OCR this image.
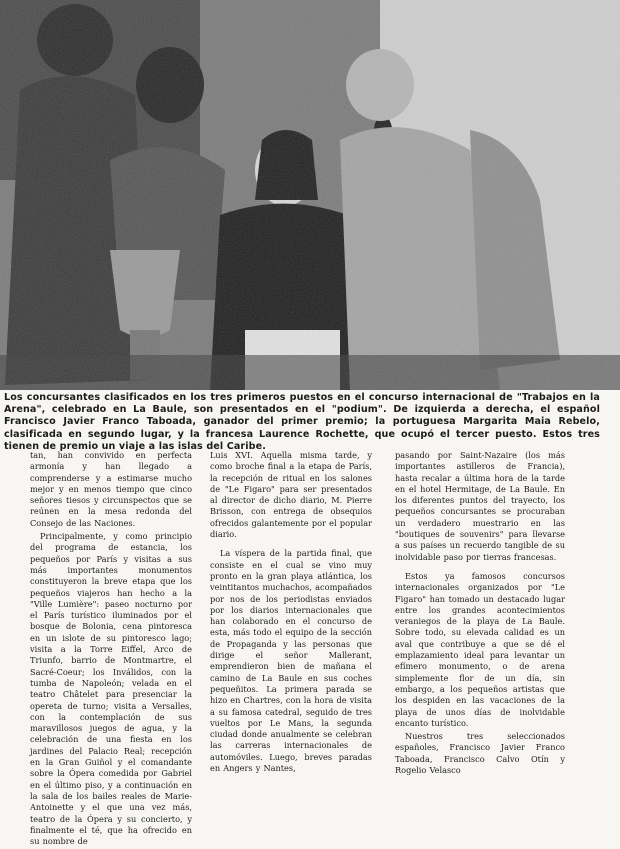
Los concursantes clasificados en los tres primeros puestos en el concurso internacional de "Trabajos en la Arena", celebrado en La Baule, son presentados en el "podium". De izquierda a derecha, el español Francisco Javier Franco Taboada, ganador del primer premio; la portuguesa Margarita Maia Rebelo, clasificada en segundo lugar, y la francesa Laurence Rochette, que ocupó el tercer puesto. Estos tres tienen de premio un viaje a las islas del Caribe.

tan, han convivido en perfecta armonía y han llegado a comprenderse y a estimarse mucho mejor y en menos tiempo que cinco señores tiesos y circunspectos que se reúnen en la mesa redonda del Consejo de las Naciones.

Principalmente, y como principio del programa de estancia, los pequeños por París y visitas a sus más importantes monumentos constituyeron la breve etapa que los pequeños viajeros han hecho a la "Ville Lumière": paseo nocturno por el París turístico iluminados por el bosque de Bolonia, cena pintoresca en un islote de su pintoresco lago; visita a la Torre Eiffel, Arco de Triunfo, barrio de Montmartre, el Sacré-Coeur; los Inválidos, con la tumba de Napoleón; velada en el teatro Châtelet para presenciar la opereta de turno; visita a Versalles, con la contemplación de sus maravillosos juegos de agua, y la celebración de una fiesta en los jardines del Palacio Real; recepción en la Gran Guiñol y el comandante sobre la Ópera comedida por Gabriel en el último piso, y a continuación en la sala de los bailes reales de Marie-Antoinette y el que una vez más, teatro de la Ópera y su concierto, y finalmente el té, que ha ofrecido en su nombre de

Luis XVI. Aquella misma tarde, y como broche final a la etapa de París, la recepción de ritual en los salones de "Le Figaro" para ser presentados al director de dicho diario, M. Pierre Brisson, con entrega de obsequios ofrecidos galantemente por el popular diario.

La víspera de la partida final, que consiste en el cual se vino muy pronto en la gran playa atlántica, los veintitantos muchachos, acompañados por nos de los periodistas enviados por los diarios internacionales que han colaborado en el concurso de esta, más todo el equipo de la sección de Propaganda y las personas que dirige el señor Mallerant, emprendieron bien de mañana el camino de La Baule en sus coches pequeñitos. La primera parada se hizo en Chartres, con la hora de visita a su famosa catedral, seguido de tres vueltos por Le Mans, la segunda ciudad donde anualmente se celebran las carreras internacionales de automóviles. Luego, breves paradas en Angers y Nantes,

pasando por Saint-Nazaire (los más importantes astilleros de Francia), hasta recalar a última hora de la tarde en el hotel Hermitage, de La Baule. En los diferentes puntos del trayecto, los pequeños concursantes se procuraban un verdadero muestrario en las "boutiques de souvenirs" para llevarse a sus países un recuerdo tangible de su inolvidable paso por tierras francesas.

Estos ya famosos concursos internacionales organizados por "Le Figaro" han tomado un destacado lugar entre los grandes acontecimientos veraniegos de la playa de La Baule. Sobre todo, su elevada calidad es un aval que contribuye a que se dé el emplazamiento ideal para levantar un efímero monumento, o de arena simplemente flor de un día, sin embargo, a los pequeños artistas que los despiden en las vacaciones de la playa de unos días de inolvidable encanto turístico.

Nuestros tres seleccionados españoles, Francisco Javier Franco Taboada, Francisco Calvo Otín y Rogelio Velasco
